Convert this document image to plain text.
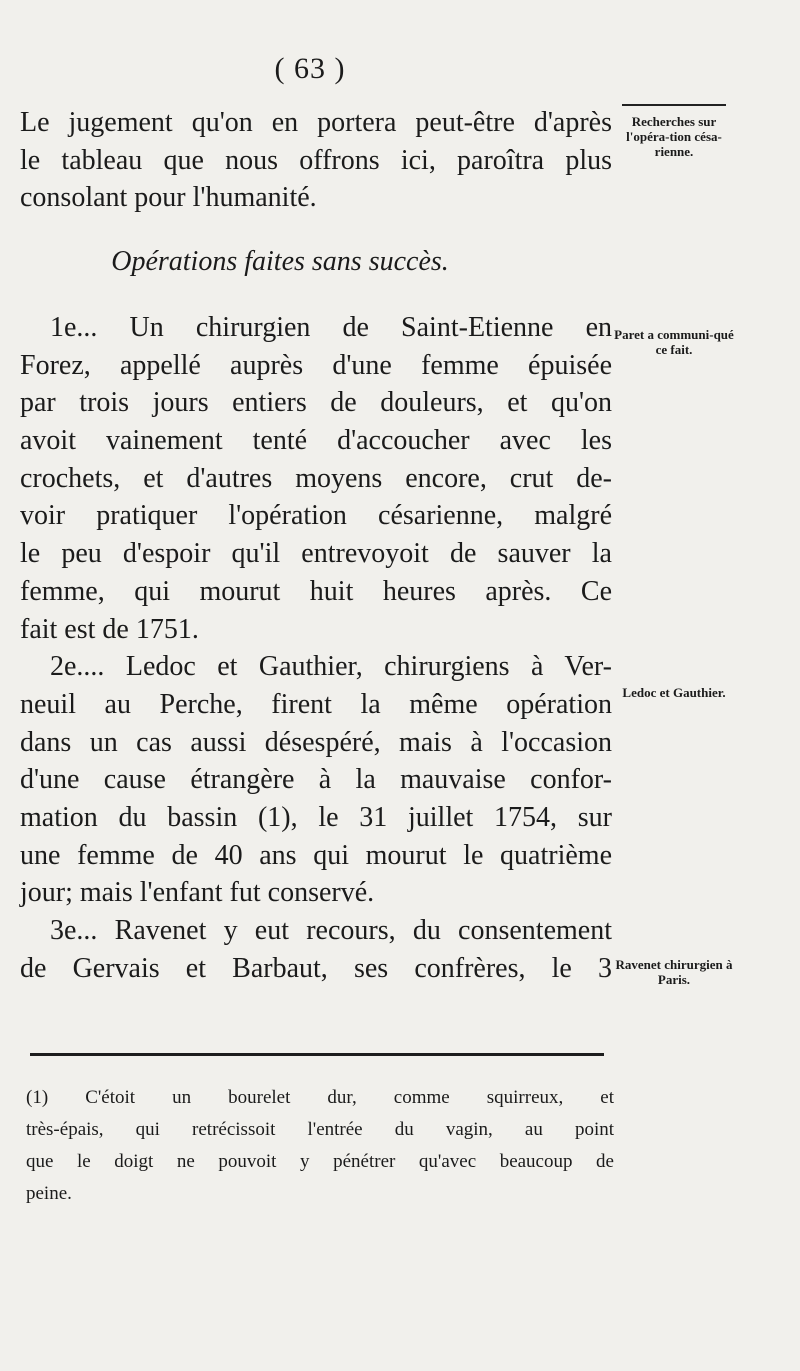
( 63 )
Le jugement qu'on en portera peut-être d'après
le tableau que nous offrons ici, paroîtra plus
consolant pour l'humanité.
Opérations faites sans succès.
1e... Un chirurgien de Saint-Etienne en
Forez, appellé auprès d'une femme épuisée
par trois jours entiers de douleurs, et qu'on
avoit vainement tenté d'accoucher avec les
crochets, et d'autres moyens encore, crut de-
voir pratiquer l'opération césarienne, malgré
le peu d'espoir qu'il entrevoyoit de sauver la
femme, qui mourut huit heures après. Ce
fait est de 1751.
2e.... Ledoc et Gauthier, chirurgiens à Ver-
neuil au Perche, firent la même opération
dans un cas aussi désespéré, mais à l'occasion
d'une cause étrangère à la mauvaise confor-
mation du bassin (1), le 31 juillet 1754, sur
une femme de 40 ans qui mourut le quatrième
jour; mais l'enfant fut conservé.
3e... Ravenet y eut recours, du consentement
de Gervais et Barbaut, ses confrères, le 3
Recherches sur l'opéra-tion césa-rienne.
Paret a communi-qué ce fait.
Ledoc et Gauthier.
Ravenet chirurgien à Paris.
(1) C'étoit un bourelet dur, comme squirreux, et
très-épais, qui retrécissoit l'entrée du vagin, au point
que le doigt ne pouvoit y pénétrer qu'avec beaucoup de
peine.
